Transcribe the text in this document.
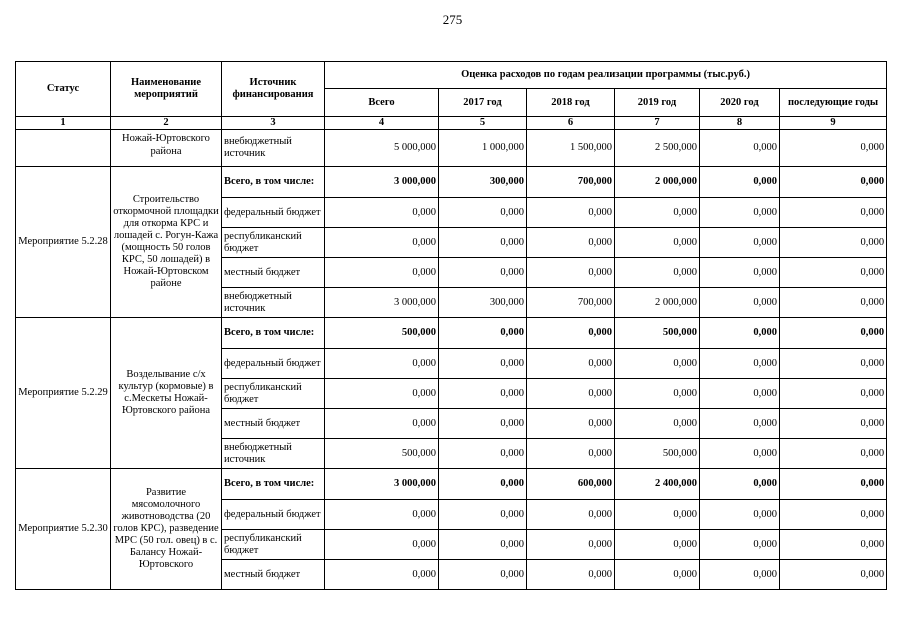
275
Статус	Наименование мероприятий	Источник финансирования	Оценка расходов по годам реализации программы (тыс.руб.)					
			Всего	2017 год	2018 год	2019 год	2020 год	последующие годы
1	2	3	4	5	6	7	8	9

	Ножай-Юртовского района	внебюджетный источник	5 000,000	1 000,000	1 500,000	2 500,000	0,000	0,000
Мероприятие 5.2.28	Строительство откормочной площадки для откорма КРС и лошадей с. Рогун-Кажа (мощность 50 голов КРС, 50 лошадей) в Ножай-Юртовском районе	Всего, в том числе:	3 000,000	300,000	700,000	2 000,000	0,000	0,000
		федеральный бюджет	0,000	0,000	0,000	0,000	0,000	0,000
		республиканский бюджет	0,000	0,000	0,000	0,000	0,000	0,000
		местный бюджет	0,000	0,000	0,000	0,000	0,000	0,000
		внебюджетный источник	3 000,000	300,000	700,000	2 000,000	0,000	0,000
Мероприятие 5.2.29	Возделывание с/х культур (кормовые) в с.Мескеты Ножай-Юртовского района	Всего, в том числе:	500,000	0,000	0,000	500,000	0,000	0,000
		федеральный бюджет	0,000	0,000	0,000	0,000	0,000	0,000
		республиканский бюджет	0,000	0,000	0,000	0,000	0,000	0,000
		местный бюджет	0,000	0,000	0,000	0,000	0,000	0,000
		внебюджетный источник	500,000	0,000	0,000	500,000	0,000	0,000
Мероприятие 5.2.30	Развитие мясомолочного животноводства (20 голов КРС), разведение МРС (50 гол. овец) в с. Балансу Ножай-Юртовского	Всего, в том числе:	3 000,000	0,000	600,000	2 400,000	0,000	0,000
		федеральный бюджет	0,000	0,000	0,000	0,000	0,000	0,000
		республиканский бюджет	0,000	0,000	0,000	0,000	0,000	0,000
		местный бюджет	0,000	0,000	0,000	0,000	0,000	0,000
